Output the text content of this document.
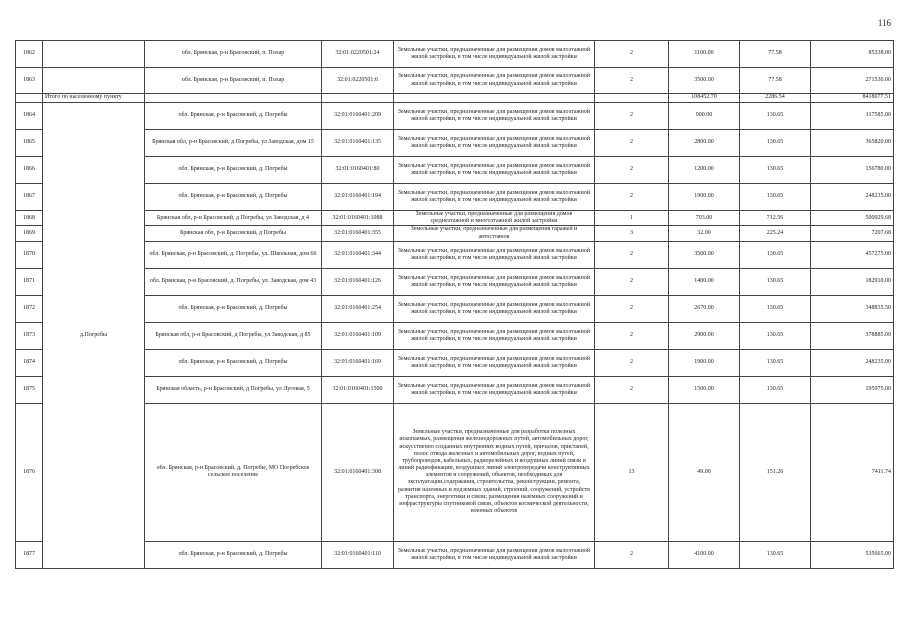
116
1862		обл. Брянская, р-н Брасовский, п. Полар	32:01:0220501:24	Земельные участки, предназначенные для размещения домов малоэтажной жилой застройки, в том числе индивидуальной жилой застройки	2	1100.00	77.58	85338.00
1863		обл. Брянская, р-н Брасовский, п. Полар	32:01:0220501:6	Земельные участки, предназначенные для размещения домов малоэтажной жилой застройки, в том числе индивидуальной жилой застройки	2	3500.00	77.58	271530.00
	Итого по населенному пункту					108452.70	2286.54	8418077.51
1864	д.Погребы	обл. Брянская, р-н Брасовский, д. Погребы	32:01:0160401:209	Земельные участки, предназначенные для размещения домов малоэтажной жилой застройки, в том числе индивидуальной жилой застройки	2	900.00	130.65	117585.00
1865		Брянская обл, р-н Брасовский, д Погребы, ул Заводская, дом 15	32:01:0160401:135	Земельные участки, предназначенные для размещения домов малоэтажной жилой застройки, в том числе индивидуальной жилой застройки	2	2800.00	130.65	365820.00
1866		обл. Брянская, р-н Брасовский, д. Погребы	32:01:0160401:80	Земельные участки, предназначенные для размещения домов малоэтажной жилой застройки, в том числе индивидуальной жилой застройки	2	1200.00	130.65	156780.00
1867		обл. Брянская, р-н Брасовский, д. Погребы	32:01:0160401:194	Земельные участки, предназначенные для размещения домов малоэтажной жилой застройки, в том числе индивидуальной жилой застройки	2	1900.00	130.65	248235.00
1868		Брянская обл, р-н Брасовский, д Погребы, ул Заводская, д 4	32:01:0160401:1088	Земельные участки, предназначенные для размещения домов среднеэтажной и многоэтажной жилой застройки	1	703.00	712.56	500929.68
1869		Брянская обл, р-н Брасовский, д Погребы	32:01:0160401:355	Земельные участки, предназначенные для размещения гаражей и автостоянок	3	32.00	225.24	7207.68
1870		обл. Брянская, р-н Брасовский, д. Погребы, ул. Школьная, дом 66	32:01:0160401:344	Земельные участки, предназначенные для размещения домов малоэтажной жилой застройки, в том числе индивидуальной жилой застройки	2	3500.00	130.65	457275.00
1871		обл. Брянская, р-н Брасовский, д. Погребы, ул. Заводская, дом 43	32:01:0160401:126	Земельные участки, предназначенные для размещения домов малоэтажной жилой застройки, в том числе индивидуальной жилой застройки	2	1400.00	130.65	182910.00
1872		обл. Брянская, р-н Брасовский, д. Погребы	32:01:0160401:254	Земельные участки, предназначенные для размещения домов малоэтажной жилой застройки, в том числе индивидуальной жилой застройки	2	2670.00	130.65	348835.50
1873		Брянская обл, р-н Брасовский, д Погребы, ул Заводская, д 85	32:01:0160401:109	Земельные участки, предназначенные для размещения домов малоэтажной жилой застройки, в том числе индивидуальной жилой застройки	2	2900.00	130.65	378885.00
1874		обл. Брянская, р-н Брасовский, д. Погребы	32:01:0160401:169	Земельные участки, предназначенные для размещения домов малоэтажной жилой застройки, в том числе индивидуальной жилой застройки	2	1900.00	130.65	248235.00
1875		Брянская область, р-н Брасовский, д Погребы, ул Луговая, 5	32:01:0160401:1500	Земельные участки, предназначенные для размещения домов малоэтажной жилой застройки, в том числе индивидуальной жилой застройки	2	1500.00	130.65	195975.00
1876		обл. Брянская, р-н Брасовский, д. Погребы, МО Погребское сельское поселение	32:01:0160401:308	Земельные участки, предназначенные для разработки полезных ископаемых, размещения железнодорожных путей, автомобильных дорог, искусственно созданных внутренних водных путей, причалов, пристаней, полос отвода железных и автомобильных дорог, водных путей, трубопроводов, кабельных, радиорелейных и воздушных линий связи и линий радиофикации, воздушных линий электропередачи конструктивных элементов и сооружений, объектов, необходимых для эксплуатации,содержания, строительства, реконструкции, ремонта, развития наземных и подземных зданий, строений, сооружений, устройств транспорта, энергетики и связи; размещения наземных сооружений и инфраструктуры спутниковой связи, объектов космической деятельности, военных объектов	13	49.00	151.26	7411.74
1877		обл. Брянская, р-н Брасовский, д. Погребы	32:01:0160401:110	Земельные участки, предназначенные для размещения домов малоэтажной жилой застройки, в том числе индивидуальной жилой застройки	2	4100.00	130.65	535665.00
